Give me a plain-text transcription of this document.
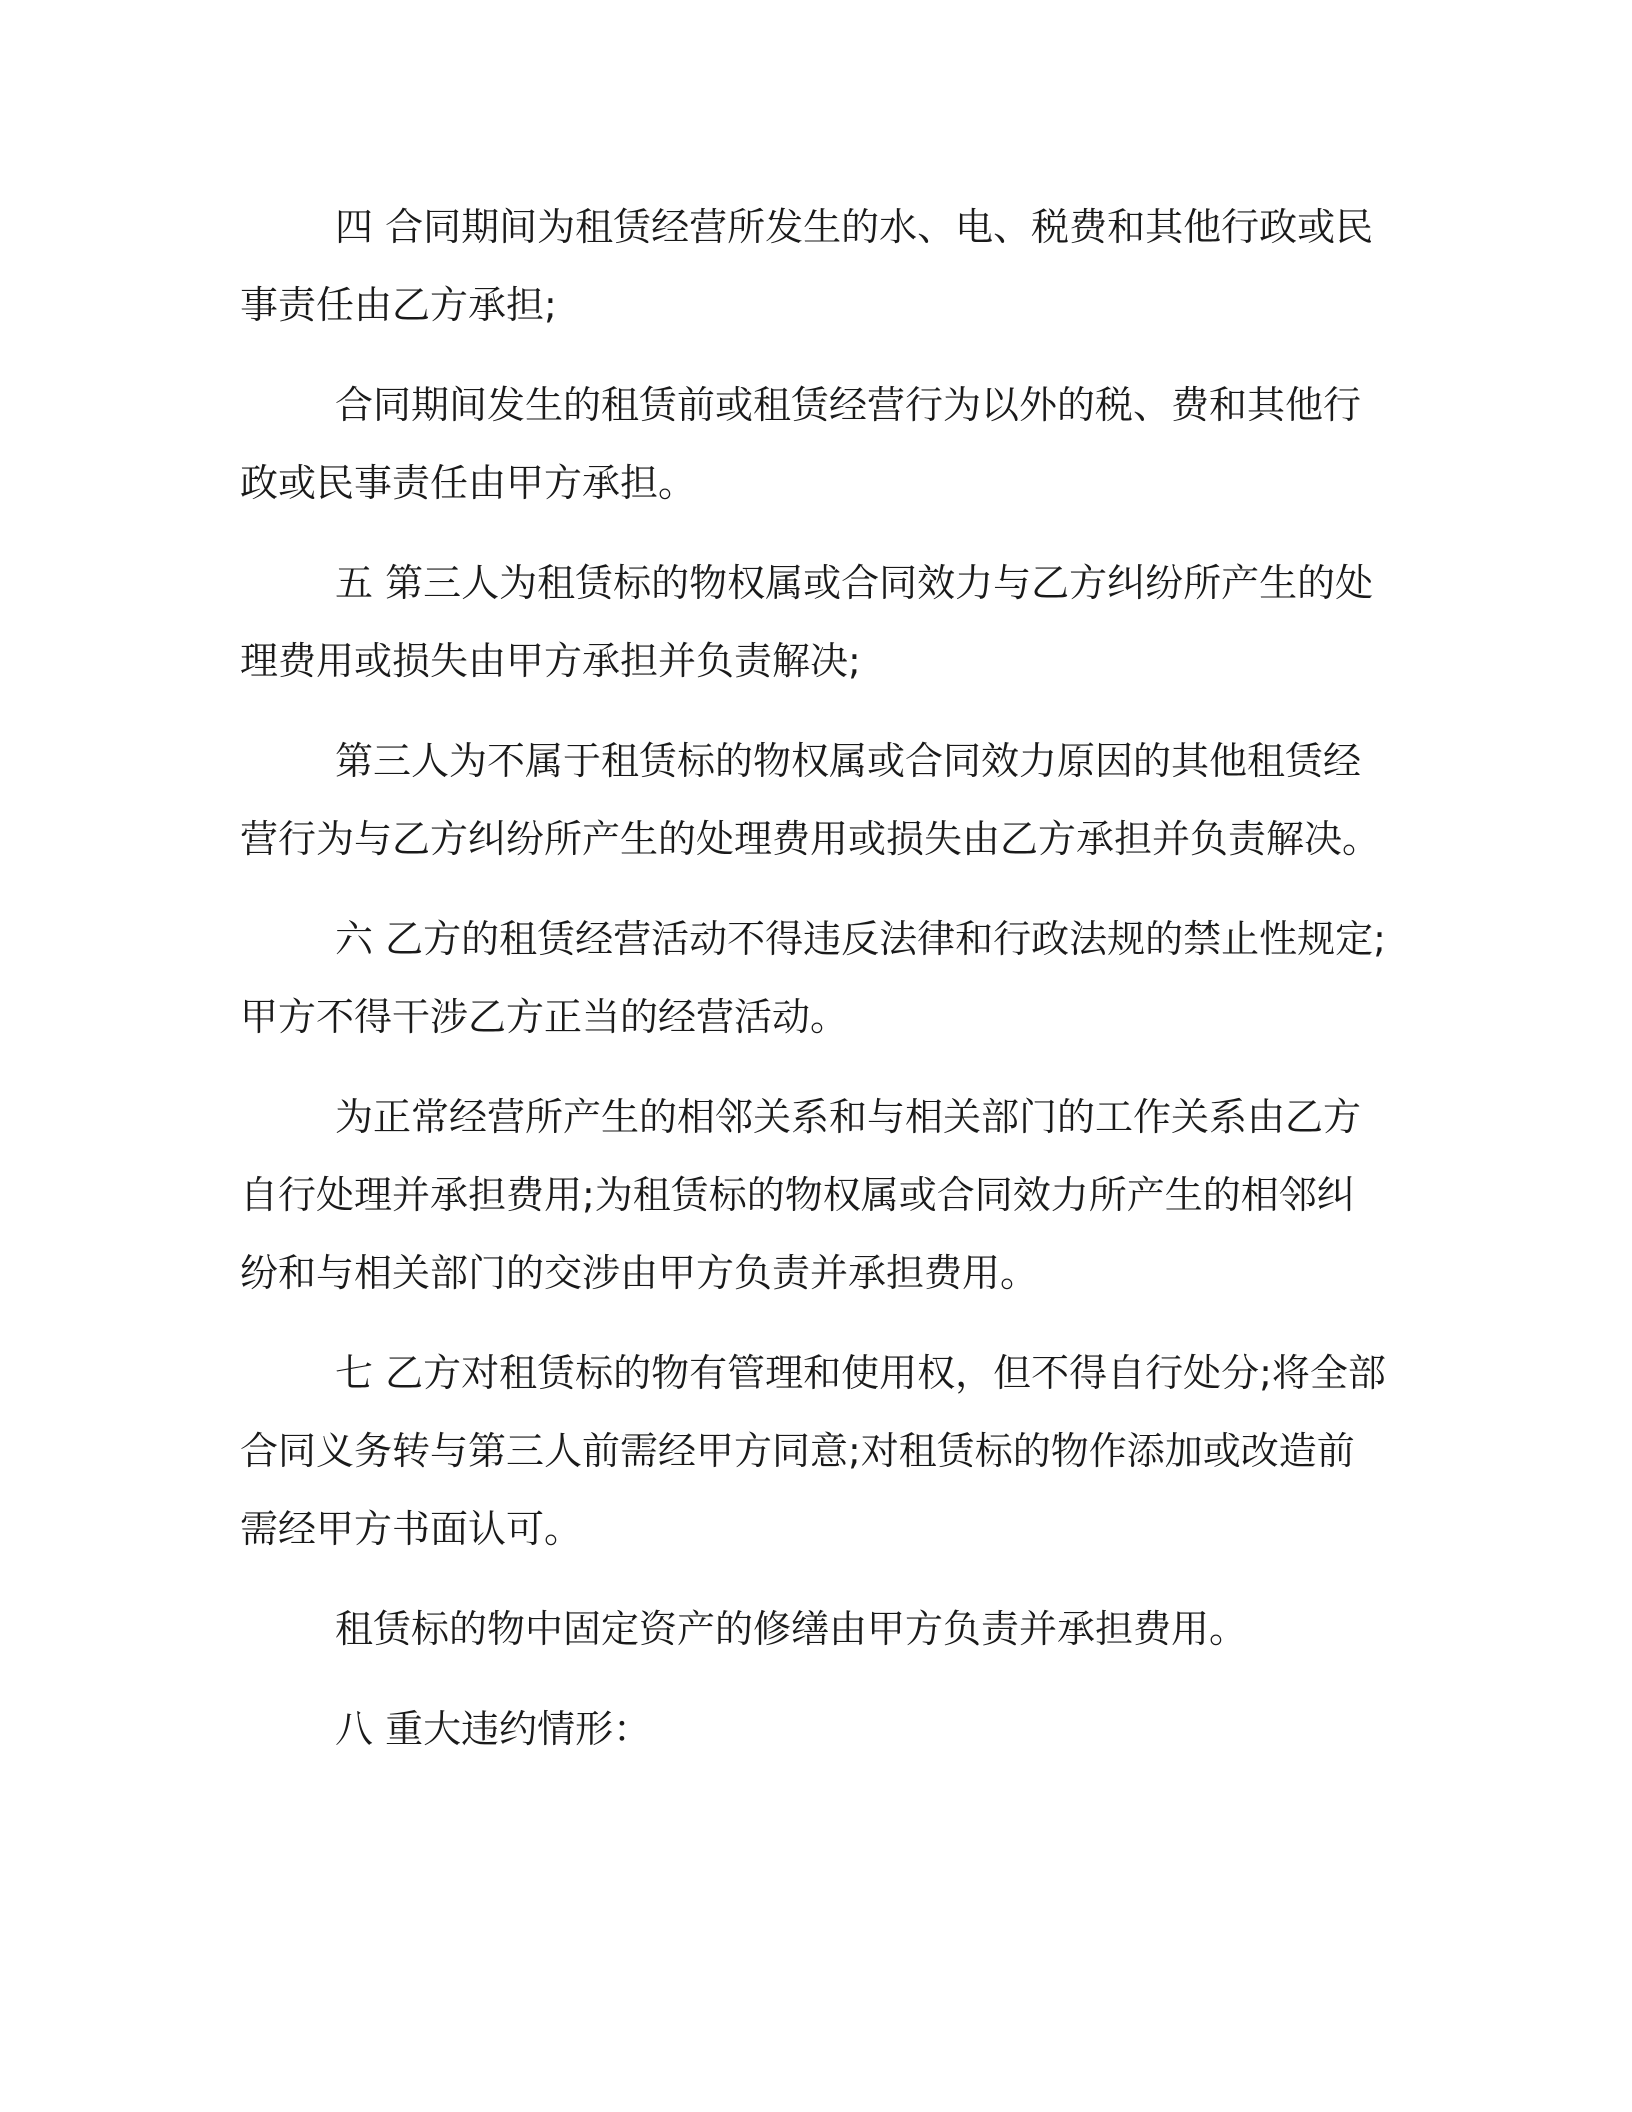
四 合同期间为租赁经营所发生的水、电、税费和其他行政或民事责任由乙方承担;

合同期间发生的租赁前或租赁经营行为以外的税、费和其他行政或民事责任由甲方承担。

五 第三人为租赁标的物权属或合同效力与乙方纠纷所产生的处理费用或损失由甲方承担并负责解决;

第三人为不属于租赁标的物权属或合同效力原因的其他租赁经营行为与乙方纠纷所产生的处理费用或损失由乙方承担并负责解决。

六 乙方的租赁经营活动不得违反法律和行政法规的禁止性规定;甲方不得干涉乙方正当的经营活动。

为正常经营所产生的相邻关系和与相关部门的工作关系由乙方自行处理并承担费用;为租赁标的物权属或合同效力所产生的相邻纠纷和与相关部门的交涉由甲方负责并承担费用。

七 乙方对租赁标的物有管理和使用权，但不得自行处分;将全部合同义务转与第三人前需经甲方同意;对租赁标的物作添加或改造前需经甲方书面认可。

租赁标的物中固定资产的修缮由甲方负责并承担费用。

八 重大违约情形：
